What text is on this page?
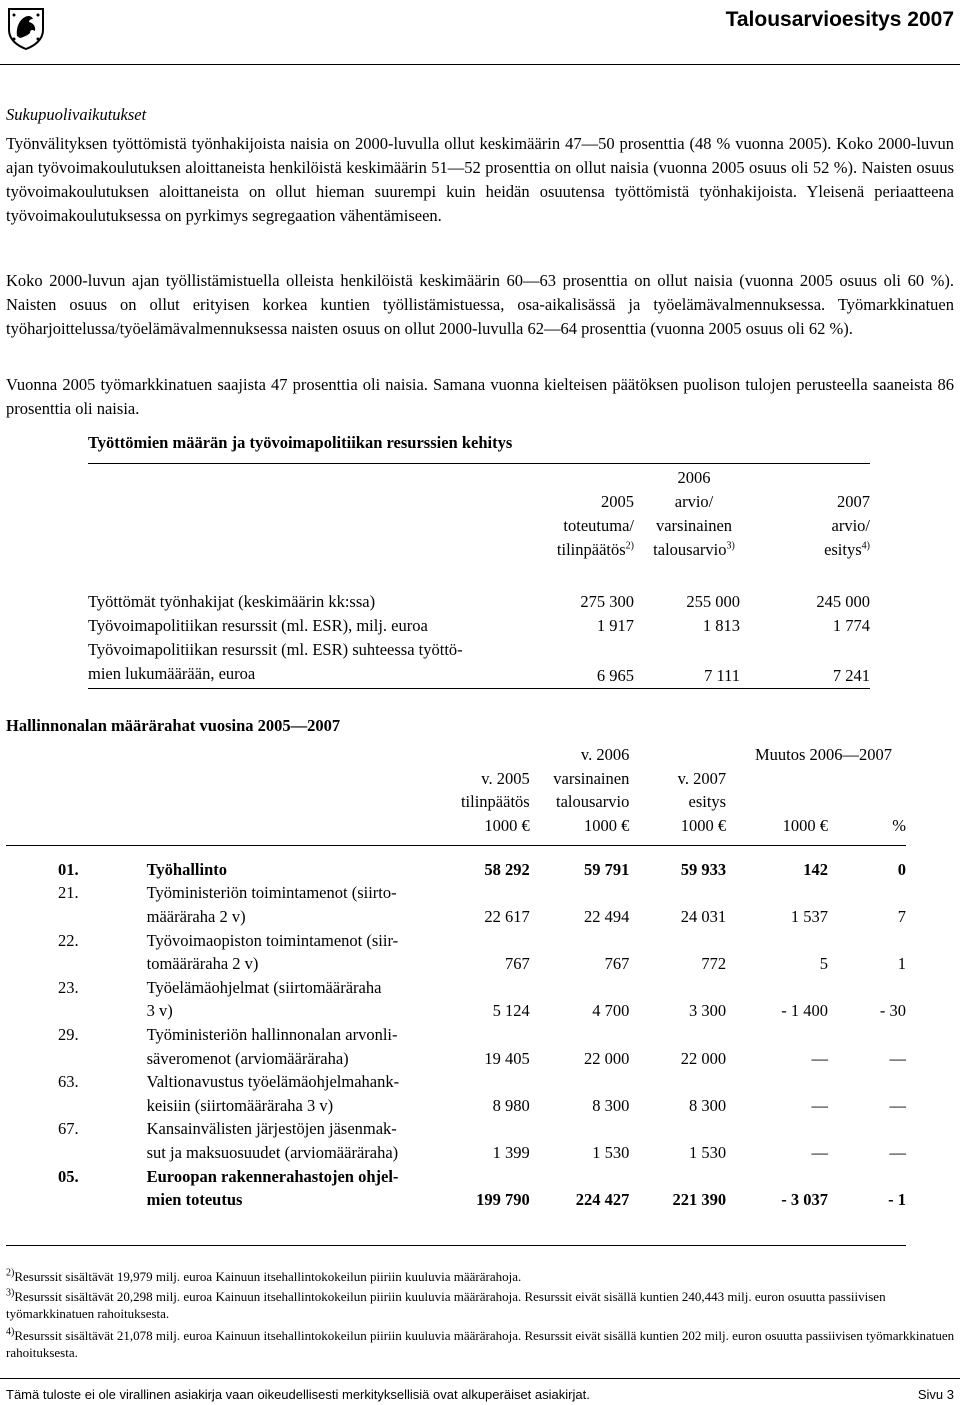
Talousarvioesitys 2007
Sukupuolivaikutukset
Työnvälityksen työttömistä työnhakijoista naisia on 2000-luvulla ollut keskimäärin 47—50 prosenttia (48 % vuonna 2005). Koko 2000-luvun ajan työvoimakoulutuksen aloittaneista henkilöistä keskimäärin 51—52 prosenttia on ollut naisia (vuonna 2005 osuus oli 52 %). Naisten osuus työvoimakoulutuksen aloittaneista on ollut hieman suurempi kuin heidän osuutensa työttömistä työnhakijoista. Yleisenä periaatteena työvoimakoulutuksessa on pyrkimys segregaation vähentämiseen.
Koko 2000-luvun ajan työllistämistuella olleista henkilöistä keskimäärin 60—63 prosenttia on ollut naisia (vuonna 2005 osuus oli 60 %). Naisten osuus on ollut erityisen korkea kuntien työllistämistuessa, osa-aikalisässä ja työelämävalmennuksessa. Työmarkkinatuen työharjoittelussa/työelämävalmennuksessa naisten osuus on ollut 2000-luvulla 62—64 prosenttia (vuonna 2005 osuus oli 62 %).
Vuonna 2005 työmarkkinatuen saajista 47 prosenttia oli naisia. Samana vuonna kielteisen päätöksen puolison tulojen perusteella saaneista 86 prosenttia oli naisia.
Työttömien määrän ja työvoimapolitiikan resurssien kehitys
		2006	
	2005	arvio/	2007
	toteutuma/	varsinainen	arvio/
	tilinpäätös$^{2)}$	talousarvio$^{3)}$	esitys$^{4)}$

Työttömät työnhakijat (keskimäärin kk:ssa)	275 300	255 000	245 000
Työvoimapolitiikan resurssit (ml. ESR), milj. euroa	1 917	1 813	1 774
Työvoimapolitiikan resurssit (ml. ESR) suhteessa työttö-			
mien lukumäärään, euroa	6 965	7 111	7 241
Hallinnonalan määrärahat vuosina 2005—2007
			v. 2006		Muutos 2006—2007	
		v. 2005	varsinainen	v. 2007		
		tilinpäätös	talousarvio	esitys		
		1000 €	1000 €	1000 €	1000 €	%

01.	Työhallinto	58 292	59 791	59 933	142	0
21.	Työministeriön toimintamenot (siirto-					
	määräraha 2 v)	22 617	22 494	24 031	1 537	7
22.	Työvoimaopiston toimintamenot (siir-					
	tomääräraha 2 v)	767	767	772	5	1
23.	Työelämäohjelmat (siirtomääräraha					
	3 v)	5 124	4 700	3 300	- 1 400	- 30
29.	Työministeriön hallinnonalan arvonli-					
	säveromenot (arviomääräraha)	19 405	22 000	22 000	—	—
63.	Valtionavustus työelämäohjelmahank-					
	keisiin (siirtomääräraha 3 v)	8 980	8 300	8 300	—	—
67.	Kansainvälisten järjestöjen jäsenmak-					
	sut ja maksuosuudet (arviomääräraha)	1 399	1 530	1 530	—	—
05.	Euroopan rakennerahastojen ohjel-					
	mien toteutus	199 790	224 427	221 390	- 3 037	- 1
$^{2)}$Resurssit sisältävät 19,979 milj. euroa Kainuun itsehallintokokeilun piiriin kuuluvia määrärahoja.
$^{3)}$Resurssit sisältävät 20,298 milj. euroa Kainuun itsehallintokokeilun piiriin kuuluvia määrärahoja. Resurssit eivät sisällä kuntien 240,443 milj. euron osuutta passiivisen työmarkkinatuen rahoituksesta.
$^{4)}$Resurssit sisältävät 21,078 milj. euroa Kainuun itsehallintokokeilun piiriin kuuluvia määrärahoja. Resurssit eivät sisällä kuntien 202 milj. euron osuutta passiivisen työmarkkinatuen rahoituksesta.
Tämä tuloste ei ole virallinen asiakirja vaan oikeudellisesti merkityksellisiä ovat alkuperäiset asiakirjat.	Sivu 3
